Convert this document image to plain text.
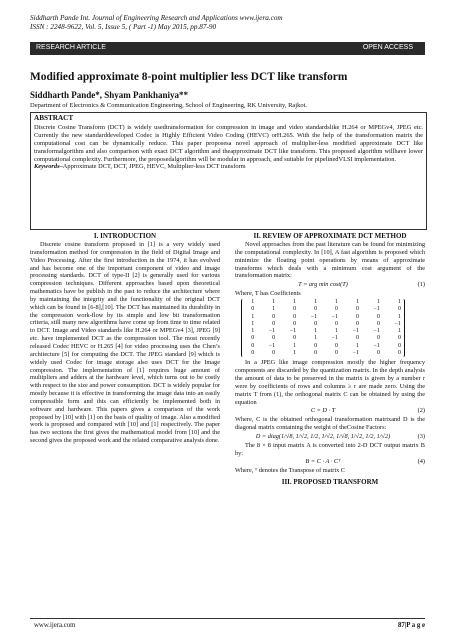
Siddharth Pande Int. Journal of Engineering Research and Applications www.ijera.com
ISSN : 2248-9622, Vol. 5, Issue 5, ( Part -1) May 2015, pp.87-90
RESEARCH ARTICLE	OPEN ACCESS
Modified approximate 8-point multiplier less DCT like transform
Siddharth Pande*, Shyam Pankhaniya**
Department of Electronics & Communication Engineering, School of Engineering, RK University, Rajkot.
ABSTRACT

Discrete Cosine Transform (DCT) is widely usedtransformation for compression in image and video standardslike H.264 or MPEGv4, JPEG etc. Currently the new standarddeveloped Codec is Highly Efficient Video Coding (HEVC) orH.265. With the help of the transformation matrix the computational cost can be dynamically reduce. This paper proposesa novel approach of multiplier-less modified approximate DCT like transformalgorithm and also comparison with exact DCT algorithm and theapproximate DCT like transform. This proposed algorithm willhave lower computational complexity. Furthermore, the proposedalgorithm will be modular in approach, and suitable for pipelinedVLSI implementation.

Keywords–Approximate DCT, DCT, JPEG, HEVC, Multiplier-less DCT transform

I. INTRODUCTION

Discrete cosine transform proposed in [1] is a very widely used transformation method for compression in the field of Digital Image and Video Processing. After the first introduction in the 1974, it has evolved and has become one of the important component of video and image processing standards. DCT of type-II [2] is generally used for various compression techniques. Different approaches based upon theoretical mathematics have be publish in the past to reduce the architecture where by maintaining the integrity and the functionality of the original DCT which can be found in [6-8],[10]. The DCT has maintained its durability in the compression work-flow by its simple and low bit transformation criteria, still many new algorithms have come up from time to time related to DCT. Image and Video standards like H.264 or MPEGv4 [3], JPEG [9] etc. have implemented DCT as the compression tool. The most recently released Codec HEVC or H.265 [4] for video processing uses the Chen’s architecture [5] for computing the DCT. The JPEG standard [9] which is widely used Codec for image storage also uses DCT for the Image compression. The implementation of [1] requires huge amount of multipliers and adders at the hardware level, which turns out to be costly with respect to the size and power consumption. DCT is widely popular for mostly because it is effective in transforming the image data into an easily compressible form and this can efficiently be implemented both in software and hardware. This papers gives a comparison of the work proposed by [10] with [1] on the basis of quality of image. Also a modified work is proposed and compared with [10] and [1] respectively. The paper has two sections the first gives the mathematical model from [10] and the second gives the proposed work and the related comparative analysis done.

II. REVIEW OF APPROXIMATE DCT METHOD

Novel approaches from the past literature can be found for minimizing the computational complexity. In [10], A fast algorithm is proposed which minimize the floating point operations by means of approximate transforms which deals with a minimum cost argument of the transformation matrix:

T = arg min cost(T)	(1)

Where, T has Coefficients

1	1	1	1	1	1	1	1
0	1	0	0	0	0	−1	0
1	0	0	−1	−1	0	0	1
1	0	0	0	0	0	0	−1
1	−1	−1	1	1	−1	−1	1
0	0	0	1	−1	0	0	0
0	−1	1	0	0	1	−1	0
0	0	1	0	0	−1	0	0

In a JPEG like image compression mostly the higher frequency components are discarded by the quantization matrix. In the depth analysis the amount of data to be preserved in the matrix is given by a number r were by coefficients of rows and columns ≥ r are made zero. Using the matrix T from (1), the orthogonal matrix C can be obtained by using the equation

C = D · T	(2)

Where, C is the obtained orthogonal transformation matrixand D is the diagonal matrix containing the weight of theCosine Factors:

D = diag(1/√8, 1/√2, 1/2, 1/√2, 1/√8, 1/√2, 1/2, 1/√2)	(3)

The 8 × 8 input matrix A is converted into 2-D DCT output matrix B by:

B = C · A · Cᵀ	(4)

Where, ᵀ denotes the Transpose of matrix C

III. PROPOSED TRANSFORM
www.ijera.com	87|P a g e
